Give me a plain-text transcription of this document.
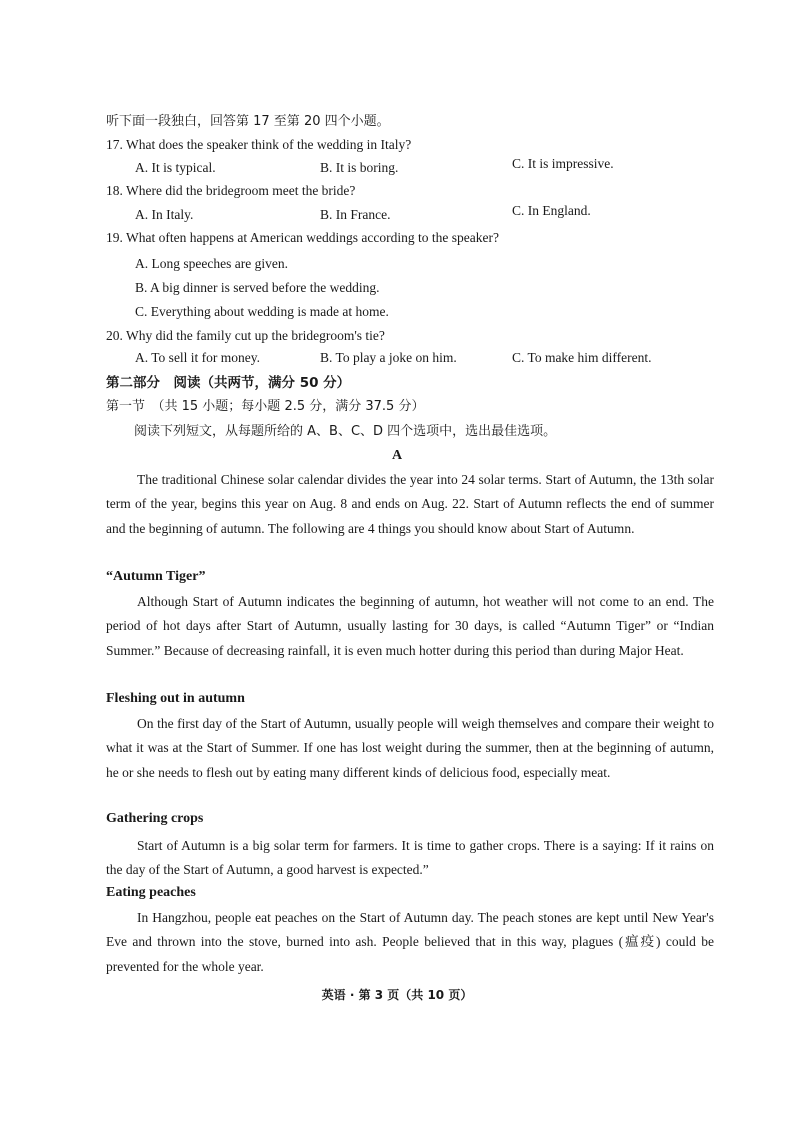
听下面一段独白，回答第 17 至第 20 四个小题。
17. What does the speaker think of the wedding in Italy?
A. It is typical.	B. It is boring.	C. It is impressive.
18. Where did the bridegroom meet the bride?
A. In Italy.	B. In France.	C. In England.
19. What often happens at American weddings according to the speaker?
A. Long speeches are given.
B. A big dinner is served before the wedding.
C. Everything about wedding is made at home.
20. Why did the family cut up the bridegroom's tie?
A. To sell it for money.	B. To play a joke on him.	C. To make him different.
第二部分　阅读（共两节，满分 50 分）
第一节　（共 15 小题；每小题 2.5 分，满分 37.5 分）
阅读下列短文，从每题所给的 A、B、C、D 四个选项中，选出最佳选项。
A
The traditional Chinese solar calendar divides the year into 24 solar terms. Start of Autumn, the 13th solar term of the year, begins this year on Aug. 8 and ends on Aug. 22. Start of Autumn reflects the end of summer and the beginning of autumn. The following are 4 things you should know about Start of Autumn.
“Autumn Tiger”
Although Start of Autumn indicates the beginning of autumn, hot weather will not come to an end. The period of hot days after Start of Autumn, usually lasting for 30 days, is called “Autumn Tiger” or “Indian Summer.” Because of decreasing rainfall, it is even much hotter during this period than during Major Heat.
Fleshing out in autumn
On the first day of the Start of Autumn, usually people will weigh themselves and compare their weight to what it was at the Start of Summer. If one has lost weight during the summer, then at the beginning of autumn, he or she needs to flesh out by eating many different kinds of delicious food, especially meat.
Gathering crops
Start of Autumn is a big solar term for farmers. It is time to gather crops. There is a saying: If it rains on the day of the Start of Autumn, a good harvest is expected.”
Eating peaches
In Hangzhou, people eat peaches on the Start of Autumn day. The peach stones are kept until New Year's Eve and thrown into the stove, burned into ash. People believed that in this way, plagues (瘟疫) could be prevented for the whole year.
英语 · 第 3 页（共 10 页）
